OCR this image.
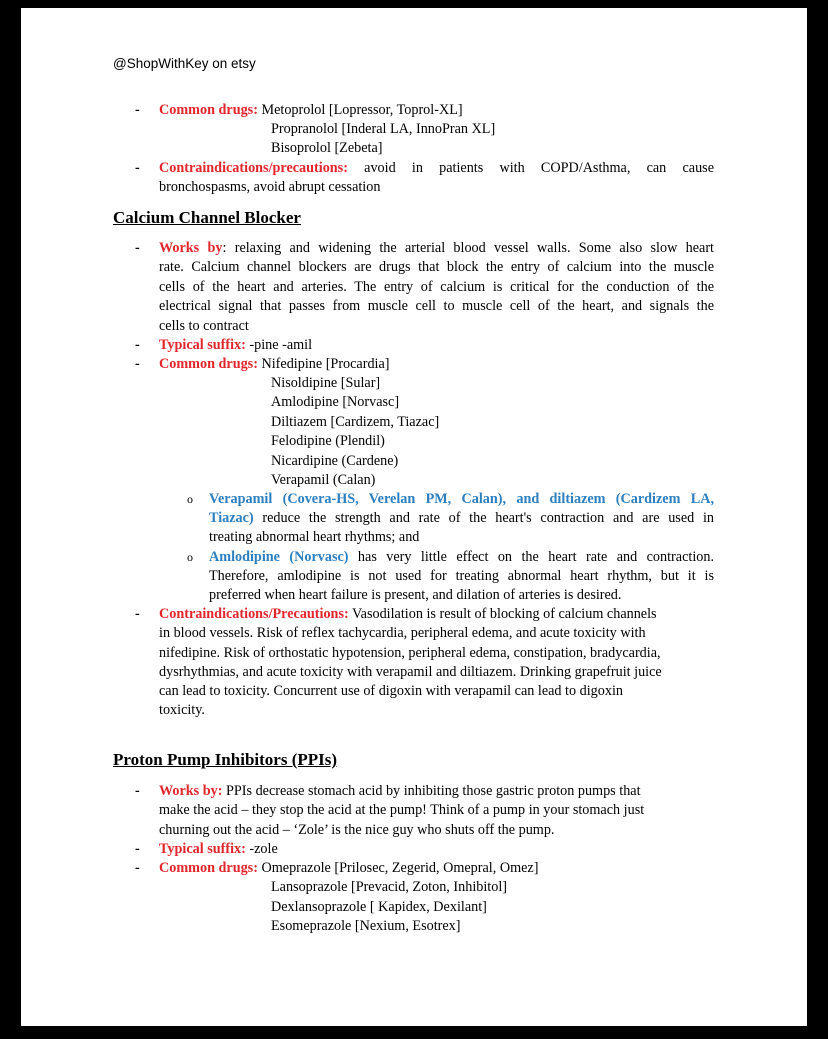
@ShopWithKey on etsy
- Common drugs: Metoprolol [Lopressor, Toprol-XL]
Propranolol [Inderal LA, InnoPran XL]
Bisoprolol [Zebeta]
- Contraindications/precautions: avoid in patients with COPD/Asthma, can cause
bronchospasms, avoid abrupt cessation
Calcium Channel Blocker
- Works by: relaxing and widening the arterial blood vessel walls. Some also slow heart
rate. Calcium channel blockers are drugs that block the entry of calcium into the muscle
cells of the heart and arteries. The entry of calcium is critical for the conduction of the
electrical signal that passes from muscle cell to muscle cell of the heart, and signals the
cells to contract
- Typical suffix: -pine -amil
- Common drugs: Nifedipine [Procardia]
Nisoldipine [Sular]
Amlodipine [Norvasc]
Diltiazem [Cardizem, Tiazac]
Felodipine (Plendil)
Nicardipine (Cardene)
Verapamil (Calan)
o Verapamil (Covera-HS, Verelan PM, Calan), and diltiazem (Cardizem LA,
Tiazac) reduce the strength and rate of the heart's contraction and are used in
treating abnormal heart rhythms; and
o Amlodipine (Norvasc) has very little effect on the heart rate and contraction.
Therefore, amlodipine is not used for treating abnormal heart rhythm, but it is
preferred when heart failure is present, and dilation of arteries is desired.
- Contraindications/Precautions: Vasodilation is result of blocking of calcium channels
in blood vessels. Risk of reflex tachycardia, peripheral edema, and acute toxicity with
nifedipine. Risk of orthostatic hypotension, peripheral edema, constipation, bradycardia,
dysrhythmias, and acute toxicity with verapamil and diltiazem. Drinking grapefruit juice
can lead to toxicity. Concurrent use of digoxin with verapamil can lead to digoxin
toxicity.
Proton Pump Inhibitors (PPIs)
- Works by: PPIs decrease stomach acid by inhibiting those gastric proton pumps that
make the acid – they stop the acid at the pump! Think of a pump in your stomach just
churning out the acid – ‘Zole’ is the nice guy who shuts off the pump.
- Typical suffix: -zole
- Common drugs: Omeprazole [Prilosec, Zegerid, Omepral, Omez]
Lansoprazole [Prevacid, Zoton, Inhibitol]
Dexlansoprazole [ Kapidex, Dexilant]
Esomeprazole [Nexium, Esotrex]
